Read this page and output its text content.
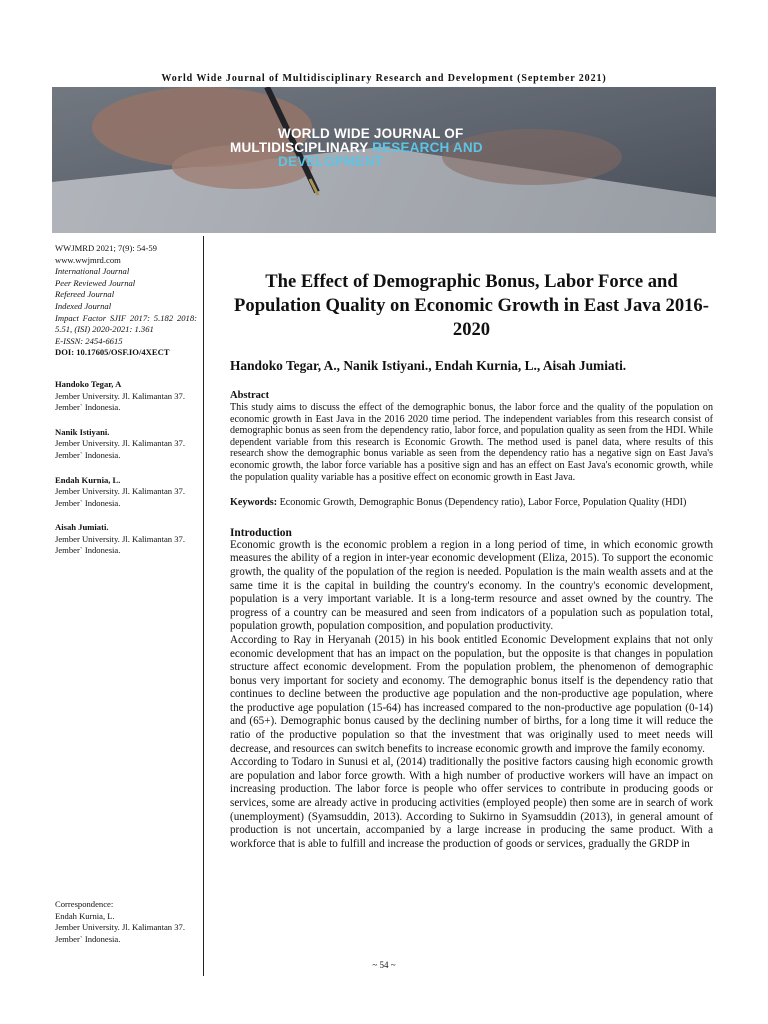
World Wide Journal of Multidisciplinary Research and Development (September 2021)
WORLD WIDE JOURNAL OF
MULTIDISCIPLINARY RESEARCH AND
DEVELOPMENT
WWJMRD 2021; 7(9): 54-59
www.wwjmrd.com
International Journal
Peer Reviewed Journal
Refereed Journal
Indexed Journal
Impact Factor SJIF 2017: 5.182 2018: 5.51, (ISI) 2020-2021: 1.361
E-ISSN: 2454-6615
DOI: 10.17605/OSF.IO/4XECT
Handoko Tegar, A
Jember University. Jl. Kalimantan 37. Jember` Indonesia.
Nanik Istiyani.
Jember University. Jl. Kalimantan 37. Jember` Indonesia.
Endah Kurnia, L.
Jember University. Jl. Kalimantan 37. Jember` Indonesia.
Aisah Jumiati.
Jember University. Jl. Kalimantan 37. Jember` Indonesia.
Correspondence:
Endah Kurnia, L.
Jember University. Jl. Kalimantan 37. Jember` Indonesia.
The Effect of Demographic Bonus, Labor Force and Population Quality on Economic Growth in East Java 2016-2020
Handoko Tegar, A., Nanik Istiyani., Endah Kurnia, L., Aisah Jumiati.
Abstract
This study aims to discuss the effect of the demographic bonus, the labor force and the quality of the population on economic growth in East Java in the 2016 2020 time period. The independent variables from this research consist of demographic bonus as seen from the dependency ratio, labor force, and population quality as seen from the HDI. While dependent variable from this research is Economic Growth. The method used is panel data, where results of this research show the demographic bonus variable as seen from the dependency ratio has a negative sign on East Java's economic growth, the labor force variable has a positive sign and has an effect on East Java's economic growth, while the population quality variable has a positive effect on economic growth in East Java.
Keywords: Economic Growth, Demographic Bonus (Dependency ratio), Labor Force, Population Quality (HDI)
Introduction

Economic growth is the economic problem a region in a long period of time, in which economic growth measures the ability of a region in inter-year economic development (Eliza, 2015). To support the economic growth, the quality of the population of the region is needed. Population is the main wealth assets and at the same time it is the capital in building the country's economy. In the country's economic development, population is a very important variable. It is a long-term resource and asset owned by the country. The progress of a country can be measured and seen from indicators of a population such as population total, population growth, population composition, and population productivity.

According to Ray in Heryanah (2015) in his book entitled Economic Development explains that not only economic development that has an impact on the population, but the opposite is that changes in population structure affect economic development. From the population problem, the phenomenon of demographic bonus very important for society and economy. The demographic bonus itself is the dependency ratio that continues to decline between the productive age population and the non-productive age population, where the productive age population (15-64) has increased compared to the non-productive age population (0-14) and (65+). Demographic bonus caused by the declining number of births, for a long time it will reduce the ratio of the productive population so that the investment that was originally used to meet needs will decrease, and resources can switch benefits to increase economic growth and improve the family economy.

According to Todaro in Sunusi et al, (2014) traditionally the positive factors causing high economic growth are population and labor force growth. With a high number of productive workers will have an impact on increasing production. The labor force is people who offer services to contribute in producing goods or services, some are already active in producing activities (employed people) then some are in search of work (unemployment) (Syamsuddin, 2013). According to Sukirno in Syamsuddin (2013), in general amount of production is not uncertain, accompanied by a large increase in producing the same product. With a workforce that is able to fulfill and increase the production of goods or services, gradually the GRDP in

~ 54 ~
